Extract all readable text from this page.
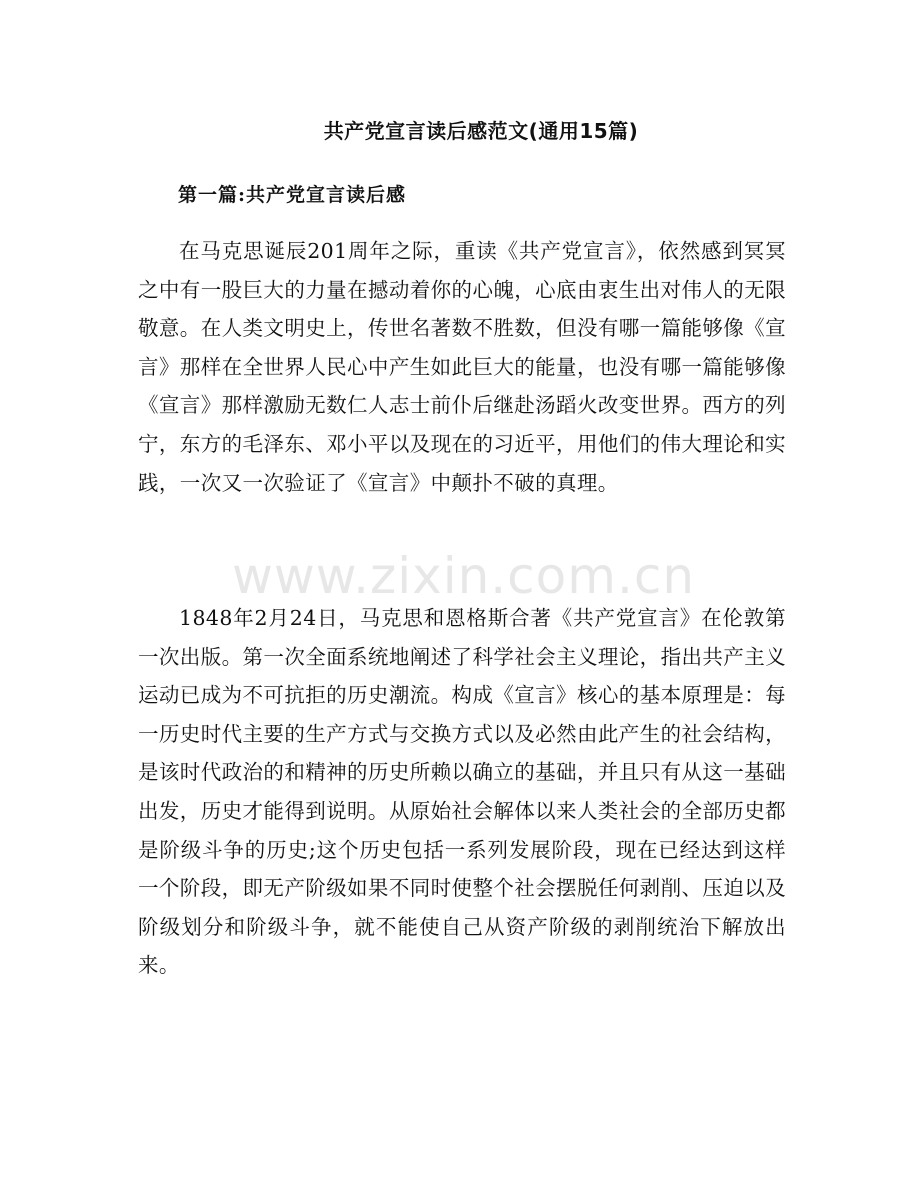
共产党宣言读后感范文(通用15篇)
第一篇:共产党宣言读后感

在马克思诞辰201周年之际，重读《共产党宣言》，依然感到冥冥之中有一股巨大的力量在撼动着你的心魄，心底由衷生出对伟人的无限敬意。在人类文明史上，传世名著数不胜数，但没有哪一篇能够像《宣言》那样在全世界人民心中产生如此巨大的能量，也没有哪一篇能够像《宣言》那样激励无数仁人志士前仆后继赴汤蹈火改变世界。西方的列宁，东方的毛泽东、邓小平以及现在的习近平，用他们的伟大理论和实践，一次又一次验证了《宣言》中颠扑不破的真理。

1848年2月24日，马克思和恩格斯合著《共产党宣言》在伦敦第一次出版。第一次全面系统地阐述了科学社会主义理论，指出共产主义运动已成为不可抗拒的历史潮流。构成《宣言》核心的基本原理是：每一历史时代主要的生产方式与交换方式以及必然由此产生的社会结构，是该时代政治的和精神的历史所赖以确立的基础，并且只有从这一基础出发，历史才能得到说明。从原始社会解体以来人类社会的全部历史都是阶级斗争的历史;这个历史包括一系列发展阶段，现在已经达到这样一个阶段，即无产阶级如果不同时使整个社会摆脱任何剥削、压迫以及阶级划分和阶级斗争，就不能使自己从资产阶级的剥削统治下解放出来。

www.zixin.com.cn
